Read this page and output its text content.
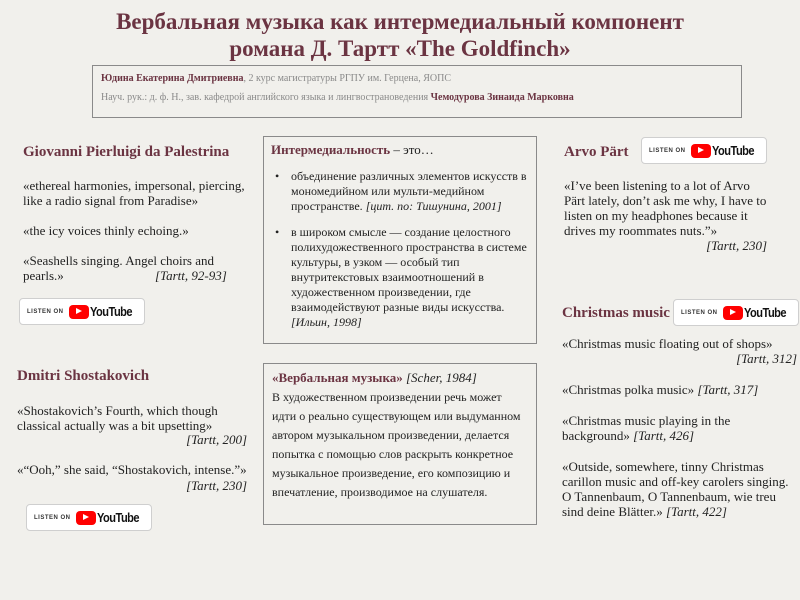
Вербальная музыка как интермедиальный компонент
романа Д. Тартт «The Goldfinch»
Юдина Екатерина Дмитриевна, 2 курс магистратуры РГПУ им. Герцена, ЯОПС
Науч. рук.: д. ф. Н., зав. кафедрой английского языка и лингвострановедения Чемодурова Зинаида Марковна
Giovanni Pierluigi da Palestrina
«ethereal harmonies, impersonal, piercing, like a radio signal from Paradise»
«the icy voices thinly echoing.»
«Seashells singing. Angel choirs and pearls.»	[Tartt, 92-93]
LISTEN ON YouTube
Dmitri Shostakovich
«Shostakovich’s Fourth, which though classical actually was a bit upsetting»
[Tartt, 200]
«“Ooh,” she said, “Shostakovich, intense.”»
[Tartt, 230]
LISTEN ON YouTube
Интермедиальность – это…
• объединение различных элементов искусств в мономедийном или мульти-медийном пространстве. [цит. по: Тишунина, 2001]
• в широком смысле — создание целостного полихудожественного пространства в системе культуры, в узком — особый тип внутритекстовых взаимоотношений в художественном произведении, где взаимодействуют разные виды искусства. [Ильин, 1998]
«Вербальная музыка» [Scher, 1984]
В художественном произведении речь может идти о реально существующем или выдуманном автором музыкальном произведении, делается попытка с помощью слов раскрыть конкретное музыкальное произведение, его композицию и впечатление, производимое на слушателя.
Arvo Pärt	LISTEN ON YouTube
«I’ve been listening to a lot of Arvo Pärt lately, don’t ask me why, I have to listen on my headphones because it drives my roommates nuts.”»
[Tartt, 230]
Christmas music LISTEN ON YouTube
«Christmas music floating out of shops»
[Tartt, 312]
«Christmas polka music» [Tartt, 317]
«Christmas music playing in the background» [Tartt, 426]
«Outside, somewhere, tinny Christmas carillon music and off-key carolers singing. O Tannenbaum, O Tannenbaum, wie treu sind deine Blätter.» [Tartt, 422]
